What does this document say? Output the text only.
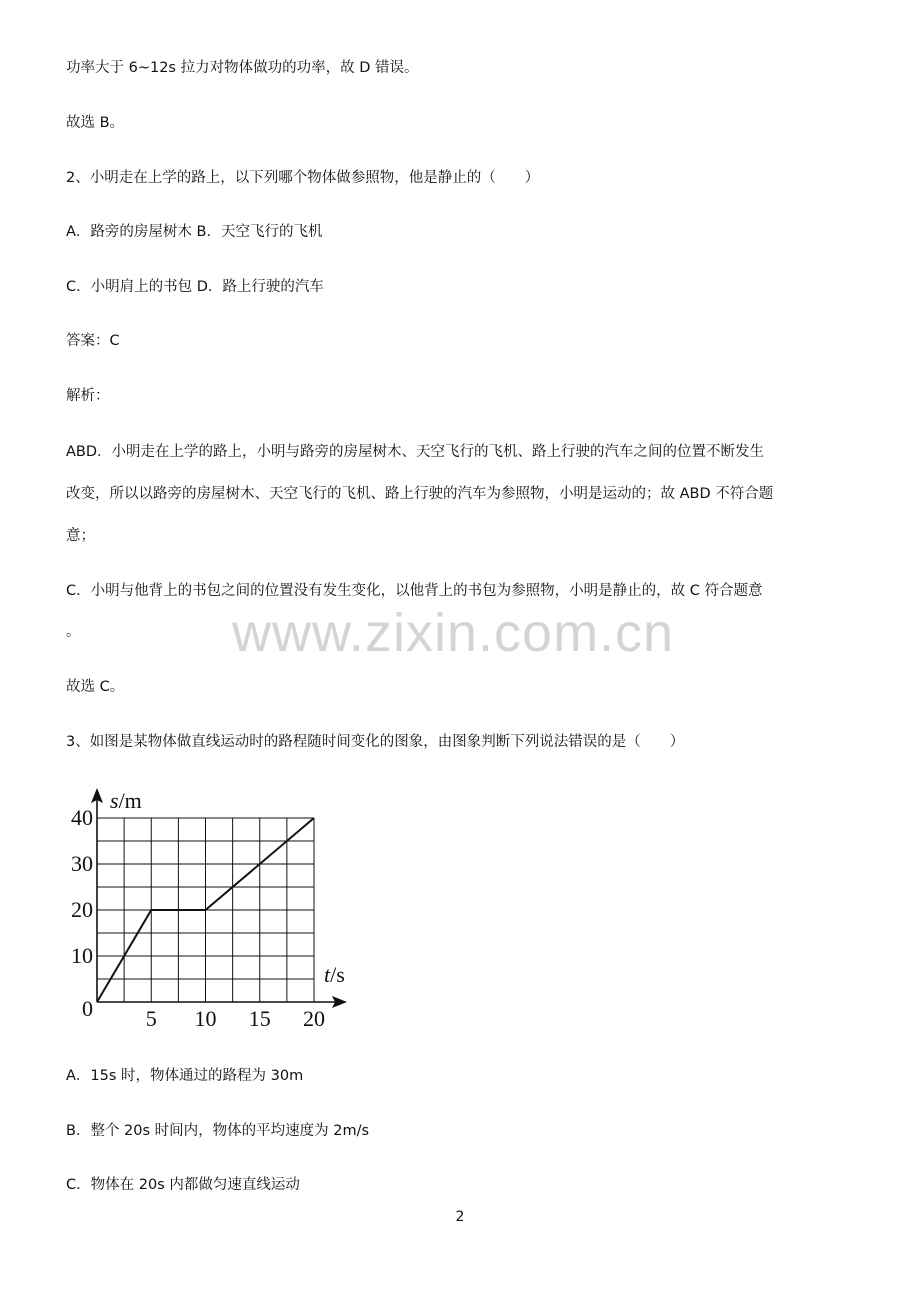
功率大于 6~12s 拉力对物体做功的功率，故 D 错误。

故选 B。

2、小明走在上学的路上，以下列哪个物体做参照物，他是静止的（　　）

A．路旁的房屋树木 B．天空飞行的飞机

C．小明肩上的书包 D．路上行驶的汽车

答案：C

解析：

ABD．小明走在上学的路上，小明与路旁的房屋树木、天空飞行的飞机、路上行驶的汽车之间的位置不断发生

改变，所以以路旁的房屋树木、天空飞行的飞机、路上行驶的汽车为参照物，小明是运动的；故 ABD 不符合题

意；

C．小明与他背上的书包之间的位置没有发生变化，以他背上的书包为参照物，小明是静止的，故 C 符合题意

。

故选 C。

3、如图是某物体做直线运动时的路程随时间变化的图象，由图象判断下列说法错误的是（　　）

www.zixin.com.cn
5 10 15 20
10
20
30
40
s/m
t/s
0

A．15s 时，物体通过的路程为 30m

B．整个 20s 时间内，物体的平均速度为 2m/s

C．物体在 20s 内都做匀速直线运动

2
